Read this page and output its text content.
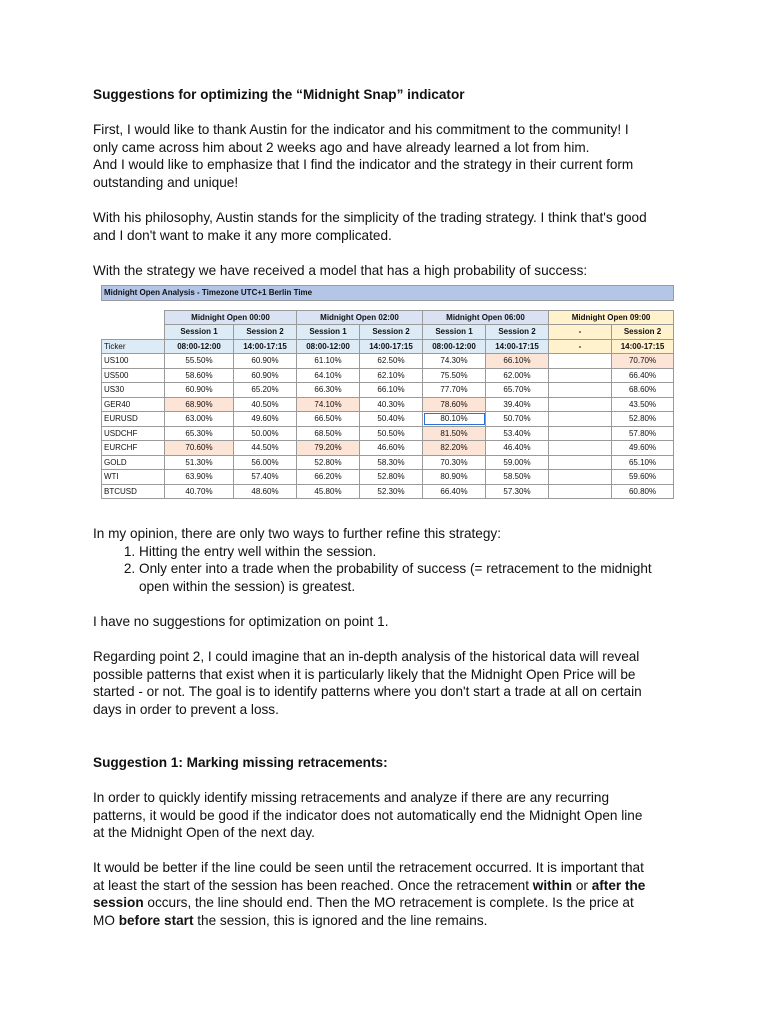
Suggestions for optimizing the “Midnight Snap” indicator
First, I would like to thank Austin for the indicator and his commitment to the community! I
only came across him about 2 weeks ago and have already learned a lot from him.
And I would like to emphasize that I find the indicator and the strategy in their current form
outstanding and unique!
With his philosophy, Austin stands for the simplicity of the trading strategy. I think that's good
and I don't want to make it any more complicated.
With the strategy we have received a model that has a high probability of success:
Midnight Open Analysis - Timezone UTC+1 Berlin Time								

	Midnight Open 00:00		Midnight Open 02:00		Midnight Open 06:00		Midnight Open 09:00	
	Session 1	Session 2	Session 1	Session 2	Session 1	Session 2	-	Session 2
Ticker	08:00-12:00	14:00-17:15	08:00-12:00	14:00-17:15	08:00-12:00	14:00-17:15	-	14:00-17:15
US100	55.50%	60.90%	61.10%	62.50%	74.30%	66.10%		70.70%
US500	58.60%	60.90%	64.10%	62.10%	75.50%	62.00%		66.40%
US30	60.90%	65.20%	66.30%	66.10%	77.70%	65.70%		68.60%
GER40	68.90%	40.50%	74.10%	40.30%	78.60%	39.40%		43.50%
EURUSD	63.00%	49.60%	66.50%	50.40%	80.10%	50.70%		52.80%
USDCHF	65.30%	50.00%	68.50%	50.50%	81.50%	53.40%		57.80%
EURCHF	70.60%	44.50%	79.20%	46.60%	82.20%	46.40%		49.60%
GOLD	51.30%	56.00%	52.80%	58.30%	70.30%	59.00%		65.10%
WTI	63.90%	57.40%	66.20%	52.80%	80.90%	58.50%		59.60%
BTCUSD	40.70%	48.60%	45.80%	52.30%	66.40%	57.30%		60.80%
In my opinion, there are only two ways to further refine this strategy:
1. Hitting the entry well within the session.
2. Only enter into a trade when the probability of success (= retracement to the midnight
open within the session) is greatest.
I have no suggestions for optimization on point 1.
Regarding point 2, I could imagine that an in-depth analysis of the historical data will reveal
possible patterns that exist when it is particularly likely that the Midnight Open Price will be
started - or not. The goal is to identify patterns where you don't start a trade at all on certain
days in order to prevent a loss.
Suggestion 1: Marking missing retracements:
In order to quickly identify missing retracements and analyze if there are any recurring
patterns, it would be good if the indicator does not automatically end the Midnight Open line
at the Midnight Open of the next day.
It would be better if the line could be seen until the retracement occurred. It is important that
at least the start of the session has been reached. Once the retracement within or after the
session occurs, the line should end. Then the MO retracement is complete. Is the price at
MO before start the session, this is ignored and the line remains.
